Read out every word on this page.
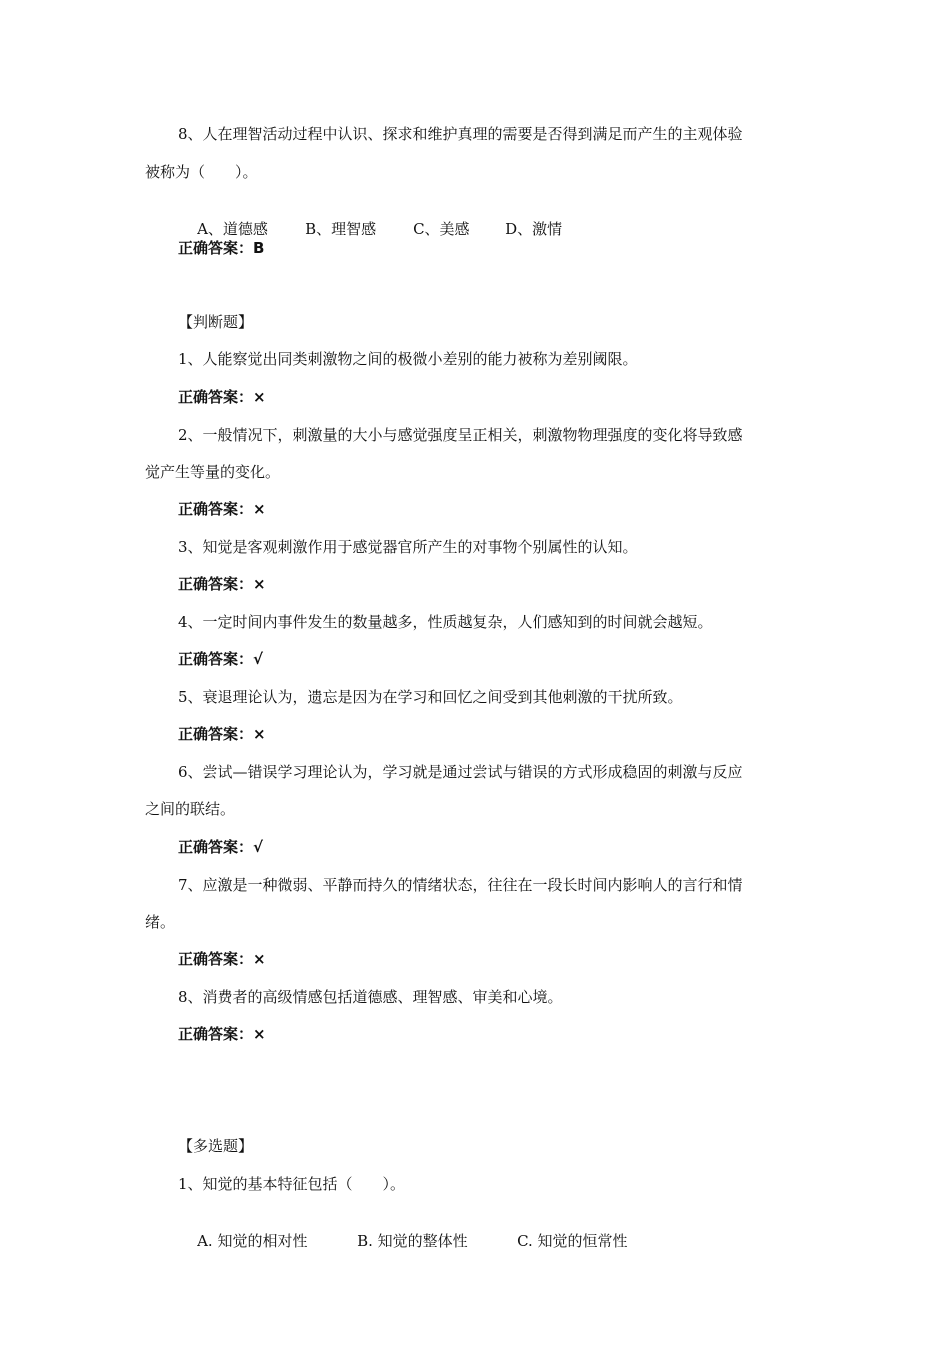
8、人在理智活动过程中认识、探求和维护真理的需要是否得到满足而产生的主观体验
被称为（　　）。

A、道德感 B、理智感 C、美感 D、激情

正确答案：B
【判断题】
1、人能察觉出同类刺激物之间的极微小差别的能力被称为差别阈限。
正确答案：×
2、一般情况下，刺激量的大小与感觉强度呈正相关，刺激物物理强度的变化将导致感
觉产生等量的变化。
正确答案：×
3、知觉是客观刺激作用于感觉器官所产生的对事物个别属性的认知。
正确答案：×
4、一定时间内事件发生的数量越多，性质越复杂，人们感知到的时间就会越短。
正确答案：√
5、衰退理论认为，遗忘是因为在学习和回忆之间受到其他刺激的干扰所致。
正确答案：×
6、尝试—错误学习理论认为，学习就是通过尝试与错误的方式形成稳固的刺激与反应
之间的联结。
正确答案：√
7、应激是一种微弱、平静而持久的情绪状态，往往在一段长时间内影响人的言行和情
绪。
正确答案：×
8、消费者的高级情感包括道德感、理智感、审美和心境。
正确答案：×
【多选题】
1、知觉的基本特征包括（　　）。

A. 知觉的相对性	B. 知觉的整体性	C. 知觉的恒常性
